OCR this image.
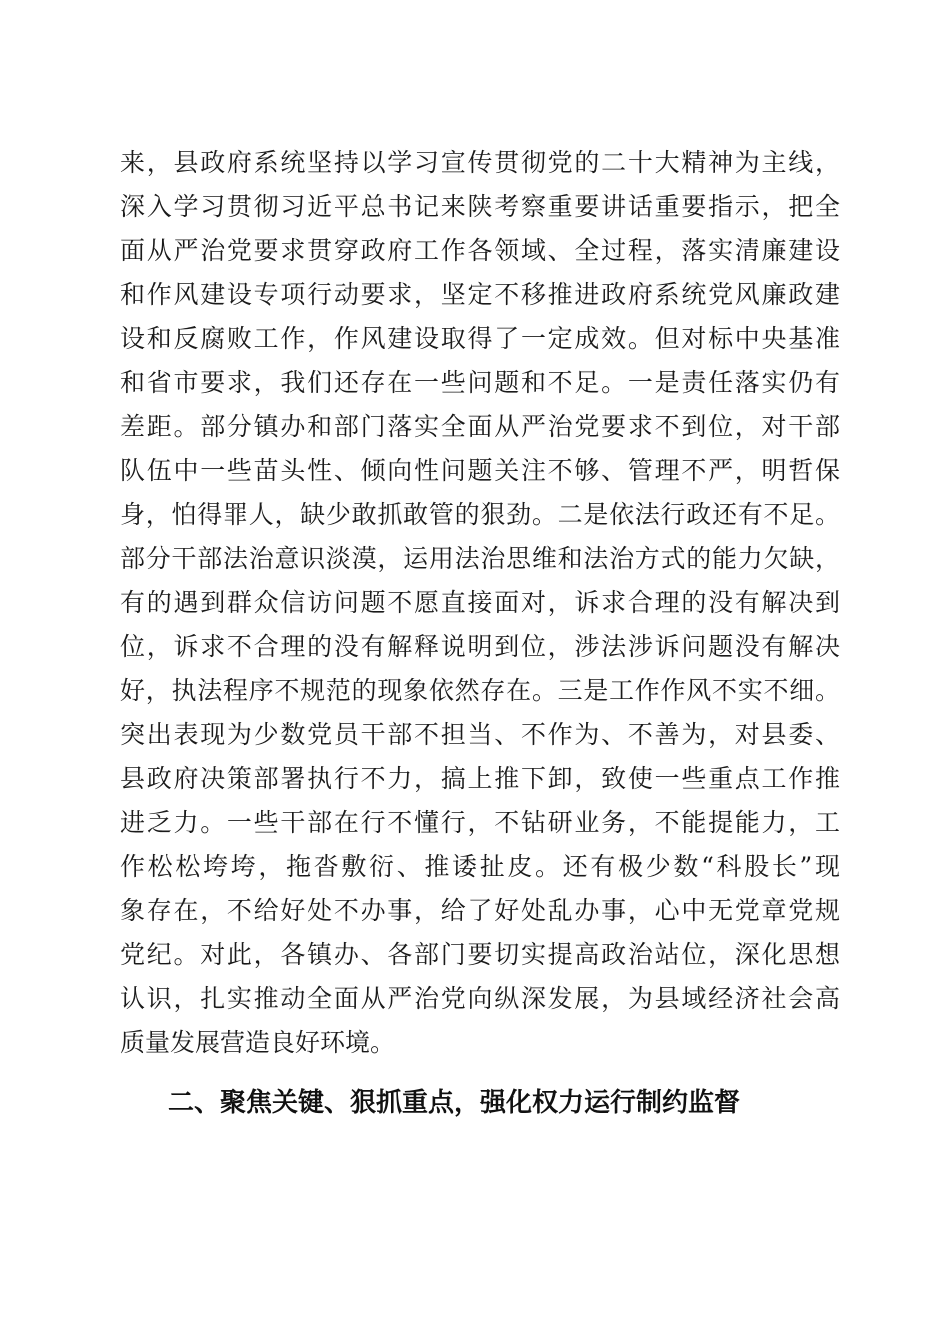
来，县政府系统坚持以学习宣传贯彻党的二十大精神为主线，
深入学习贯彻习近平总书记来陕考察重要讲话重要指示，把全
面从严治党要求贯穿政府工作各领域、全过程，落实清廉建设
和作风建设专项行动要求，坚定不移推进政府系统党风廉政建
设和反腐败工作，作风建设取得了一定成效。但对标中央基准
和省市要求，我们还存在一些问题和不足。一是责任落实仍有
差距。部分镇办和部门落实全面从严治党要求不到位，对干部
队伍中一些苗头性、倾向性问题关注不够、管理不严，明哲保
身，怕得罪人，缺少敢抓敢管的狠劲。二是依法行政还有不足。
部分干部法治意识淡漠，运用法治思维和法治方式的能力欠缺，
有的遇到群众信访问题不愿直接面对，诉求合理的没有解决到
位，诉求不合理的没有解释说明到位，涉法涉诉问题没有解决
好，执法程序不规范的现象依然存在。三是工作作风不实不细。
突出表现为少数党员干部不担当、不作为、不善为，对县委、
县政府决策部署执行不力，搞上推下卸，致使一些重点工作推
进乏力。一些干部在行不懂行，不钻研业务，不能提能力，工
作松松垮垮，拖沓敷衍、推诿扯皮。还有极少数“科股长”现
象存在，不给好处不办事，给了好处乱办事，心中无党章党规
党纪。对此，各镇办、各部门要切实提高政治站位，深化思想
认识，扎实推动全面从严治党向纵深发展，为县域经济社会高
质量发展营造良好环境。
二、聚焦关键、狠抓重点，强化权力运行制约监督
